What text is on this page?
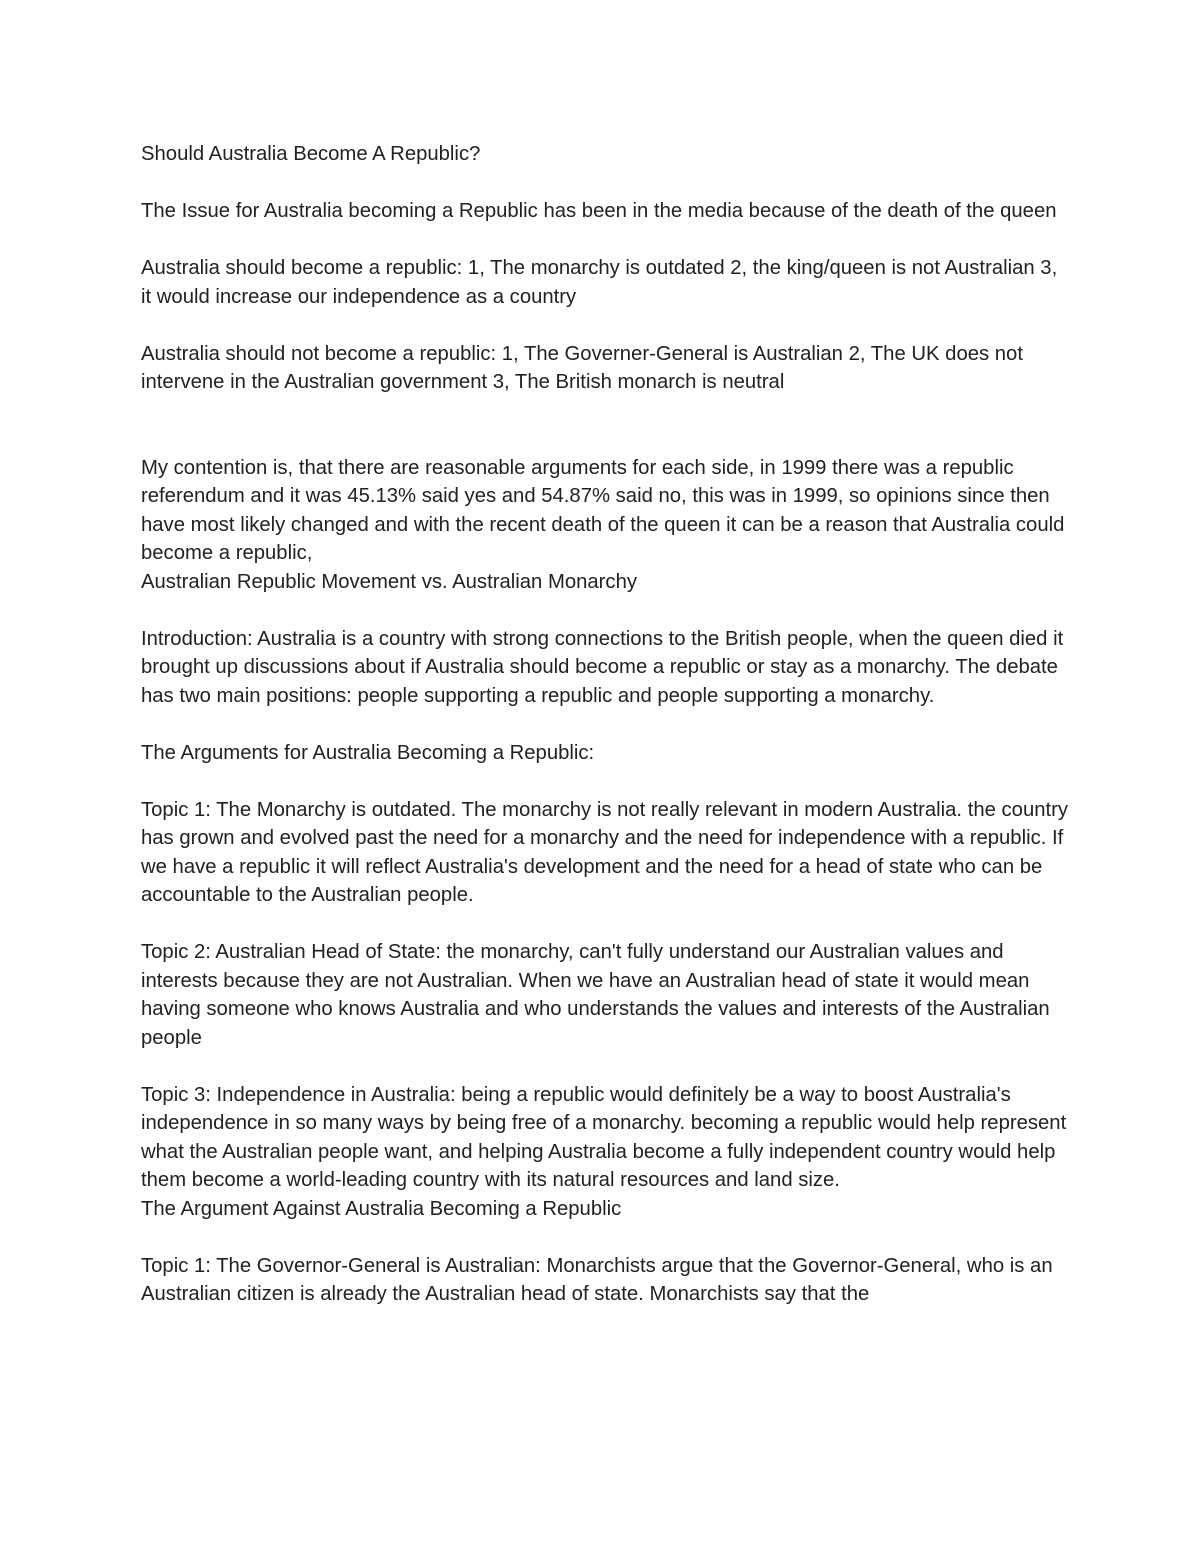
Should Australia Become A Republic?

The Issue for Australia becoming a Republic has been in the media because of the death of the queen

Australia should become a republic: 1, The monarchy is outdated 2, the king/queen is not Australian 3, it would increase our independence as a country

Australia should not become a republic: 1, The Governer-General is Australian 2, The UK does not intervene in the Australian government 3, The British monarch is neutral

My contention is, that there are reasonable arguments for each side, in 1999 there was a republic referendum and it was 45.13% said yes and 54.87% said no, this was in 1999, so opinions since then have most likely changed and with the recent death of the queen it can be a reason that Australia could become a republic,

Australian Republic Movement vs. Australian Monarchy

Introduction: Australia is a country with strong connections to the British people, when the queen died it brought up discussions about if Australia should become a republic or stay as a monarchy. The debate has two main positions: people supporting a republic and people supporting a monarchy.

The Arguments for Australia Becoming a Republic:

Topic 1: The Monarchy is outdated. The monarchy is not really relevant in modern Australia. the country has grown and evolved past the need for a monarchy and the need for independence with a republic. If we have a republic it will reflect Australia's development and the need for a head of state who can be accountable to the Australian people.

Topic 2: Australian Head of State: the monarchy, can't fully understand our Australian values and interests because they are not Australian. When we have an Australian head of state it would mean having someone who knows Australia and who understands the values and interests of the Australian people

Topic 3: Independence in Australia: being a republic would definitely be a way to boost Australia's independence in so many ways by being free of a monarchy. becoming a republic would help represent what the Australian people want, and helping Australia become a fully independent country would help them become a world-leading country with its natural resources and land size.

The Argument Against Australia Becoming a Republic

Topic 1: The Governor-General is Australian: Monarchists argue that the Governor-General, who is an Australian citizen is already the Australian head of state. Monarchists say that the
